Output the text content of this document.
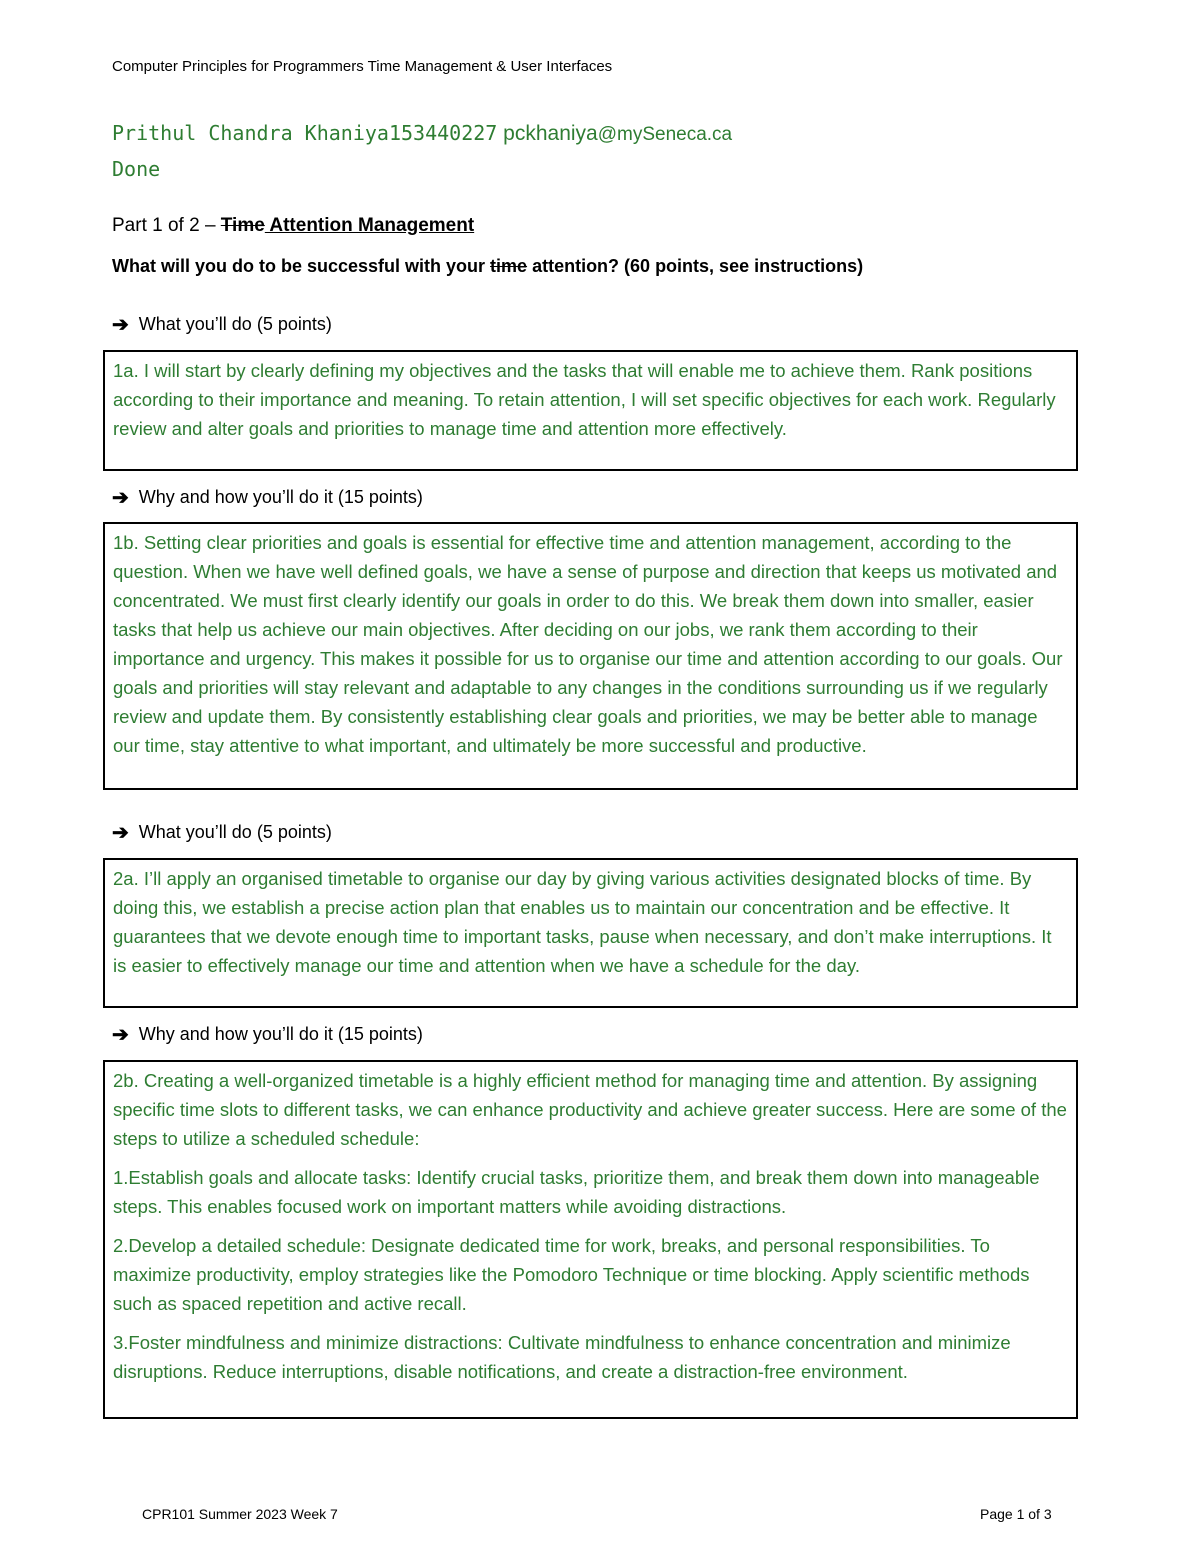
Computer Principles for Programmers Time Management & User Interfaces
Prithul Chandra Khaniya153440227 pckhaniya@mySeneca.ca
Done
Part 1 of 2 – Time Attention Management
What will you do to be successful with your time attention? (60 points, see instructions)
➔ What you’ll do (5 points)

1a. I will start by clearly defining my objectives and the tasks that will enable me to achieve them. Rank positions according to their importance and meaning. To retain attention, I will set specific objectives for each work. Regularly review and alter goals and priorities to manage time and attention more effectively.

➔ Why and how you’ll do it (15 points)

1b. Setting clear priorities and goals is essential for effective time and attention management, according to the question. When we have well defined goals, we have a sense of purpose and direction that keeps us motivated and concentrated. We must first clearly identify our goals in order to do this. We break them down into smaller, easier tasks that help us achieve our main objectives. After deciding on our jobs, we rank them according to their importance and urgency. This makes it possible for us to organise our time and attention according to our goals. Our goals and priorities will stay relevant and adaptable to any changes in the conditions surrounding us if we regularly review and update them. By consistently establishing clear goals and priorities, we may be better able to manage our time, stay attentive to what important, and ultimately be more successful and productive.

➔ What you’ll do (5 points)

2a. I’ll apply an organised timetable to organise our day by giving various activities designated blocks of time. By doing this, we establish a precise action plan that enables us to maintain our concentration and be effective. It guarantees that we devote enough time to important tasks, pause when necessary, and don’t make interruptions. It is easier to effectively manage our time and attention when we have a schedule for the day.

➔ Why and how you’ll do it (15 points)

2b. Creating a well-organized timetable is a highly efficient method for managing time and attention. By assigning specific time slots to different tasks, we can enhance productivity and achieve greater success. Here are some of the steps to utilize a scheduled schedule:

1.Establish goals and allocate tasks: Identify crucial tasks, prioritize them, and break them down into manageable steps. This enables focused work on important matters while avoiding distractions.

2.Develop a detailed schedule: Designate dedicated time for work, breaks, and personal responsibilities. To maximize productivity, employ strategies like the Pomodoro Technique or time blocking. Apply scientific methods such as spaced repetition and active recall.

3.Foster mindfulness and minimize distractions: Cultivate mindfulness to enhance concentration and minimize disruptions. Reduce interruptions, disable notifications, and create a distraction-free environment.

CPR101 Summer 2023 Week 7	Page 1 of 3
